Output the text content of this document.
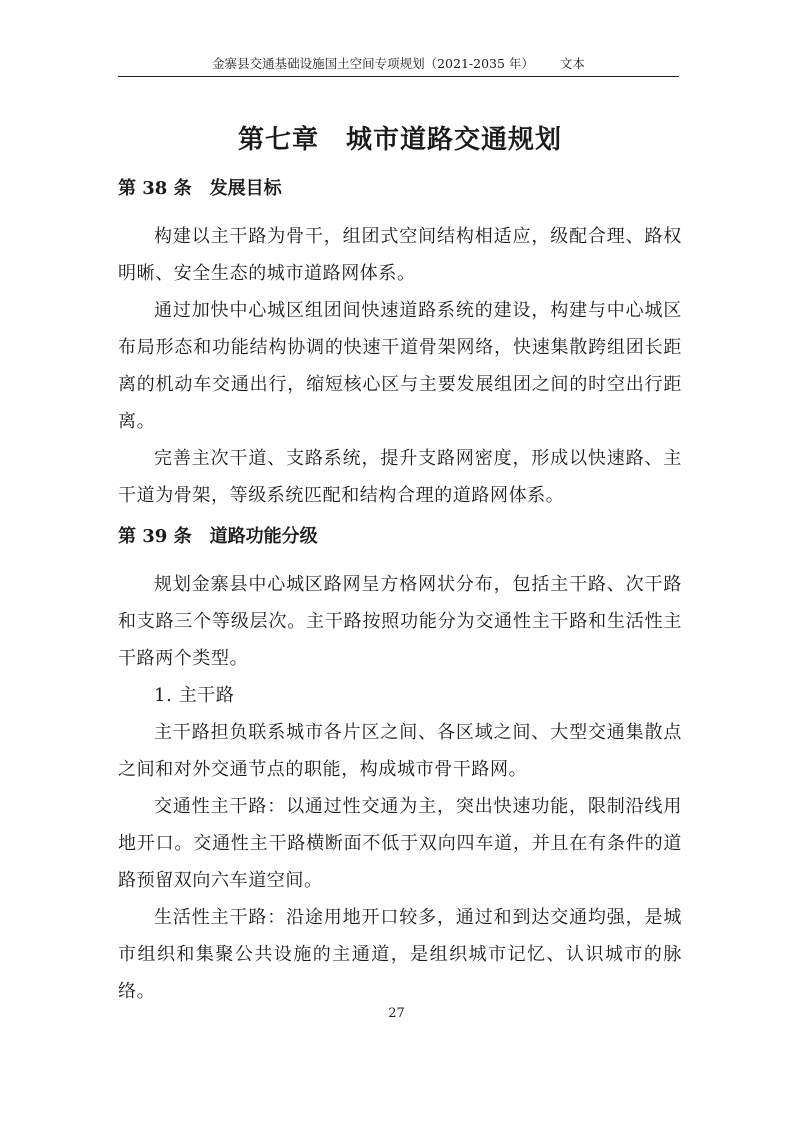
金寨县交通基础设施国土空间专项规划（2021-2035 年） 文本
第七章　城市道路交通规划
第 38 条　发展目标

构建以主干路为骨干，组团式空间结构相适应，级配合理、路权明晰、安全生态的城市道路网体系。

通过加快中心城区组团间快速道路系统的建设，构建与中心城区布局形态和功能结构协调的快速干道骨架网络，快速集散跨组团长距离的机动车交通出行，缩短核心区与主要发展组团之间的时空出行距离。

完善主次干道、支路系统，提升支路网密度，形成以快速路、主干道为骨架，等级系统匹配和结构合理的道路网体系。

第 39 条　道路功能分级

规划金寨县中心城区路网呈方格网状分布，包括主干路、次干路和支路三个等级层次。主干路按照功能分为交通性主干路和生活性主干路两个类型。

1. 主干路

主干路担负联系城市各片区之间、各区域之间、大型交通集散点之间和对外交通节点的职能，构成城市骨干路网。

交通性主干路：以通过性交通为主，突出快速功能，限制沿线用地开口。交通性主干路横断面不低于双向四车道，并且在有条件的道路预留双向六车道空间。

生活性主干路：沿途用地开口较多，通过和到达交通均强，是城市组织和集聚公共设施的主通道，是组织城市记忆、认识城市的脉络。

27
